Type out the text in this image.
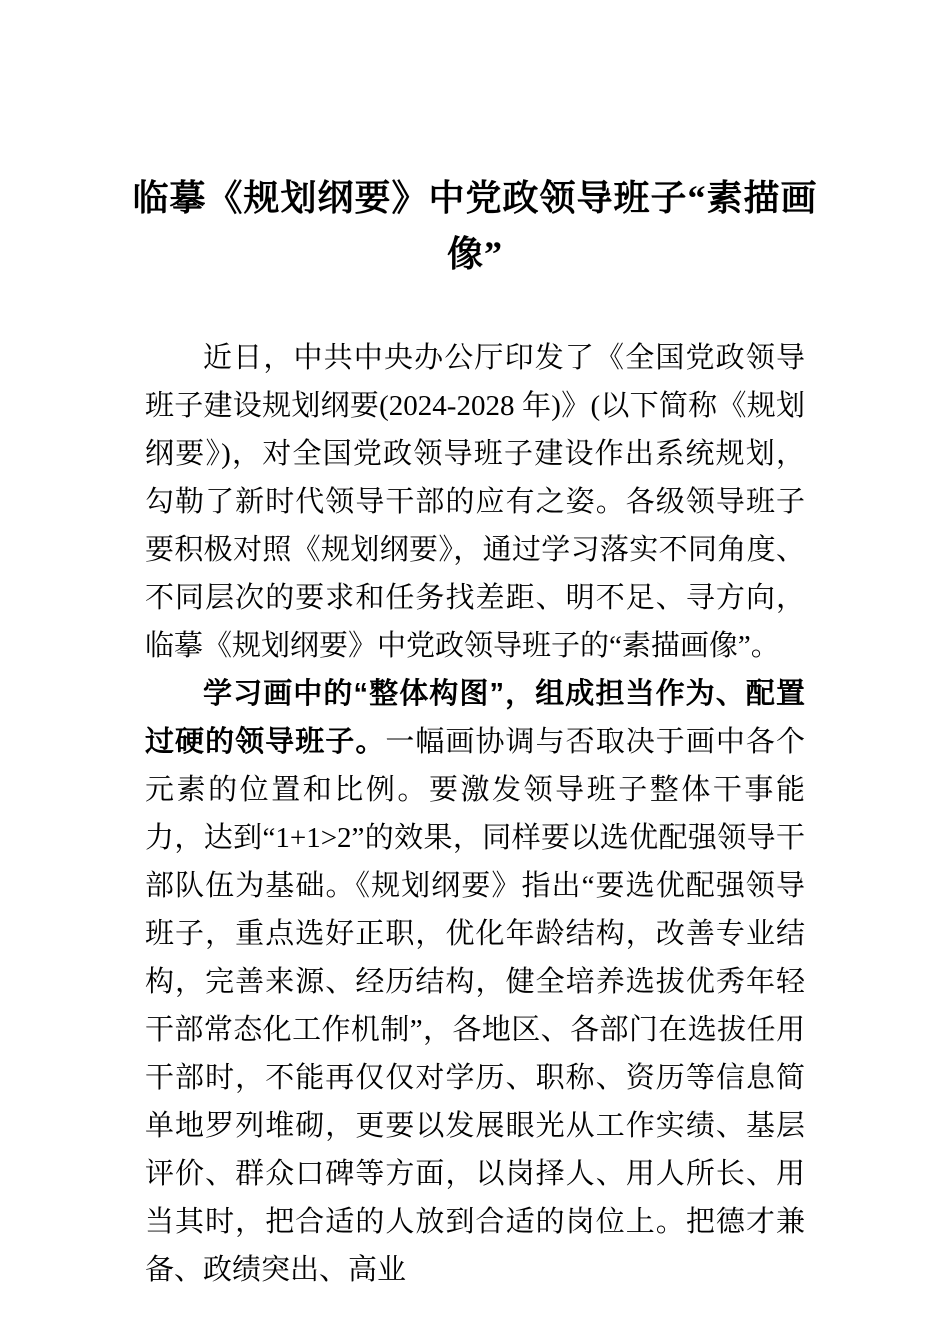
临摹《规划纲要》中党政领导班子“素描画像”

近日，中共中央办公厅印发了《全国党政领导班子建设规划纲要(2024-2028 年)》(以下简称《规划纲要》)，对全国党政领导班子建设作出系统规划，勾勒了新时代领导干部的应有之姿。各级领导班子要积极对照《规划纲要》，通过学习落实不同角度、不同层次的要求和任务找差距、明不足、寻方向，临摹《规划纲要》中党政领导班子的“素描画像”。

学习画中的“整体构图”，组成担当作为、配置过硬的领导班子。一幅画协调与否取决于画中各个元素的位置和比例。要激发领导班子整体干事能力，达到“1+1>2”的效果，同样要以选优配强领导干部队伍为基础。《规划纲要》指出“要选优配强领导班子，重点选好正职，优化年龄结构，改善专业结构，完善来源、经历结构，健全培养选拔优秀年轻干部常态化工作机制”，各地区、各部门在选拔任用干部时，不能再仅仅对学历、职称、资历等信息简单地罗列堆砌，更要以发展眼光从工作实绩、基层评价、群众口碑等方面，以岗择人、用人所长、用当其时，把合适的人放到合适的岗位上。把德才兼备、政绩突出、高业
